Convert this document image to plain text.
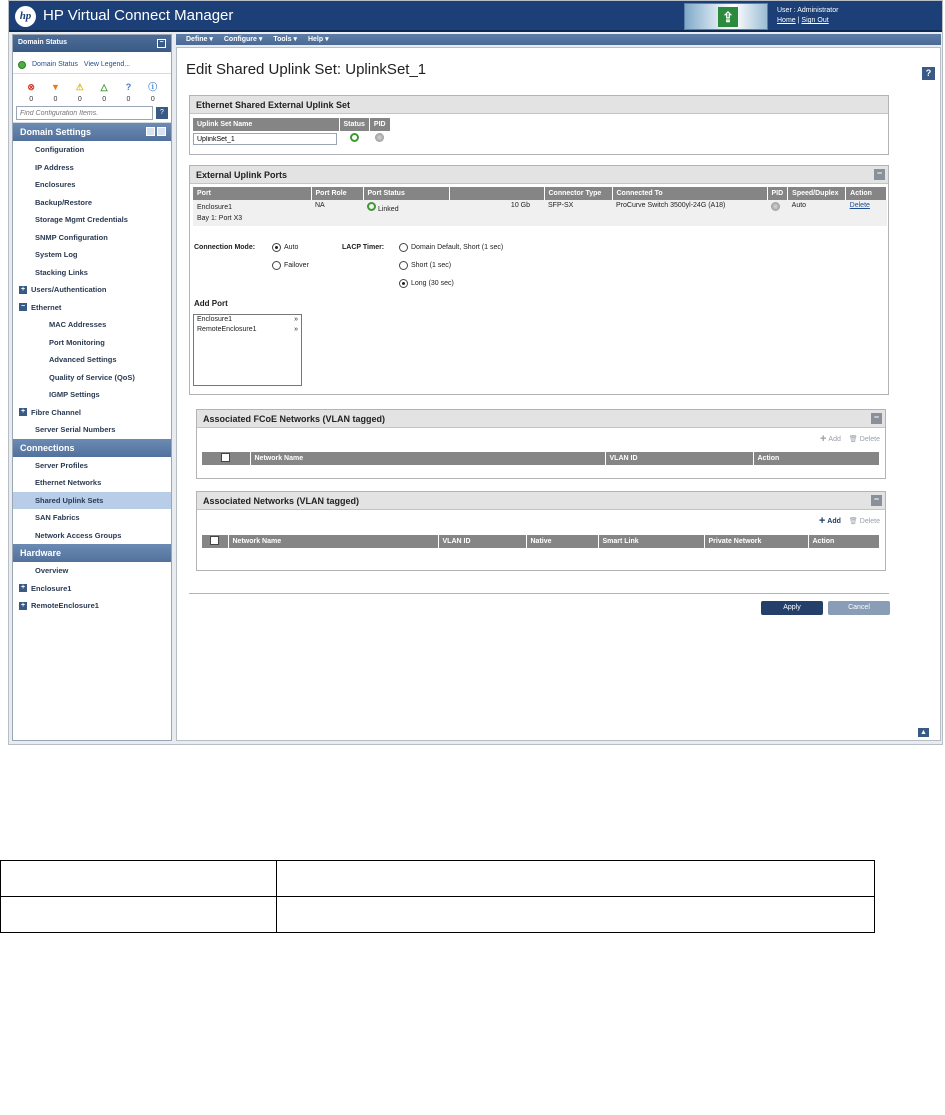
hp HP Virtual Connect Manager	⇪	User : Administrator
Home | Sign Out
Domain Status	−
Domain Status View Legend...
⊗
0
▼
0
⚠
0
△
0
?
0
ⓘ
0
Find Configuration Items.
?
Domain Settings
Configuration
IP Address
Enclosures
Backup/Restore
Storage Mgmt Credentials
SNMP Configuration
System Log
Stacking Links
+ Users/Authentication
− Ethernet
MAC Addresses
Port Monitoring
Advanced Settings
Quality of Service (QoS)
IGMP Settings
+ Fibre Channel
Server Serial Numbers
Connections
Server Profiles
Ethernet Networks
Shared Uplink Sets
SAN Fabrics
Network Access Groups
Hardware
Overview
+ Enclosure1
+ RemoteEnclosure1
Define ▾	Configure ▾	Tools ▾	Help ▾
Edit Shared Uplink Set: UplinkSet_1	?
Ethernet Shared External Uplink Set
Uplink Set Name	Status	PID
UplinkSet_1		
External Uplink Ports	−
Port	Port Role	Port Status		Connector Type	Connected To	PID	Speed/Duplex	Action

Enclosure1
Bay 1: Port X3	NA	Linked	10 Gb	SFP-SX	ProCurve Switch 3500yl-24G (A18)		Auto	Delete
Connection Mode:	Auto
Failover
LACP Timer:	Domain Default, Short (1 sec)
Short (1 sec)
Long (30 sec)
Add Port
Enclosure1	»
RemoteEnclosure1	»
Associated FCoE Networks (VLAN tagged)	−
+ Add 🗑 Delete
	Network Name	VLAN ID	Action

Associated Networks (VLAN tagged)	−
+ Add 🗑 Delete
	Network Name	VLAN ID	Native	Smart Link	Private Network	Action

Apply	Cancel
▲
